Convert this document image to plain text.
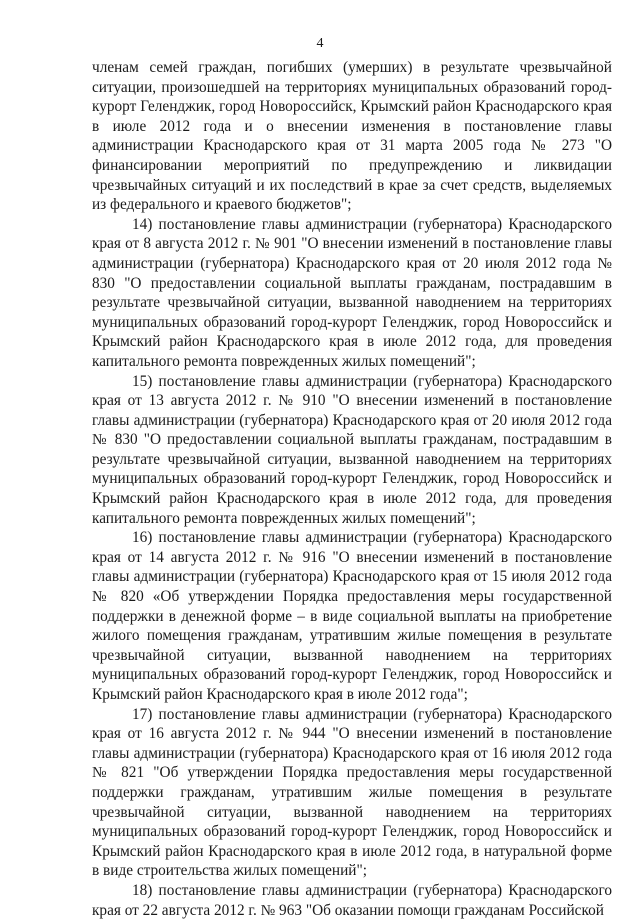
4

членам семей граждан, погибших (умерших) в результате чрезвычайной ситуации, произошедшей на территориях муниципальных образований город-курорт Геленджик, город Новороссийск, Крымский район Краснодарского края в июле 2012 года и о внесении изменения в постановление главы администрации Краснодарского края от 31 марта 2005 года № 273 "О финансировании мероприятий по предупреждению и ликвидации чрезвычайных ситуаций и их последствий в крае за счет средств, выделяемых из федерального и краевого бюджетов";

14) постановление главы администрации (губернатора) Краснодарского края от 8 августа 2012 г. № 901 "О внесении изменений в постановление главы администрации (губернатора) Краснодарского края от 20 июля 2012 года № 830 "О предоставлении социальной выплаты гражданам, пострадавшим в результате чрезвычайной ситуации, вызванной наводнением на территориях муниципальных образований город-курорт Геленджик, город Новороссийск и Крымский район Краснодарского края в июле 2012 года, для проведения капитального ремонта поврежденных жилых помещений";

15) постановление главы администрации (губернатора) Краснодарского края от 13 августа 2012 г. № 910 "О внесении изменений в постановление главы администрации (губернатора) Краснодарского края от 20 июля 2012 года № 830 "О предоставлении социальной выплаты гражданам, пострадавшим в результате чрезвычайной ситуации, вызванной наводнением на территориях муниципальных образований город-курорт Геленджик, город Новороссийск и Крымский район Краснодарского края в июле 2012 года, для проведения капитального ремонта поврежденных жилых помещений";

16) постановление главы администрации (губернатора) Краснодарского края от 14 августа 2012 г. № 916 "О внесении изменений в постановление главы администрации (губернатора) Краснодарского края от 15 июля 2012 года № 820 «Об утверждении Порядка предоставления меры государственной поддержки в денежной форме – в виде социальной выплаты на приобретение жилого помещения гражданам, утратившим жилые помещения в результате чрезвычайной ситуации, вызванной наводнением на территориях муниципальных образований город-курорт Геленджик, город Новороссийск и Крымский район Краснодарского края в июле 2012 года";

17) постановление главы администрации (губернатора) Краснодарского края от 16 августа 2012 г. № 944 "О внесении изменений в постановление главы администрации (губернатора) Краснодарского края от 16 июля 2012 года № 821 "Об утверждении Порядка предоставления меры государственной поддержки гражданам, утратившим жилые помещения в результате чрезвычайной ситуации, вызванной наводнением на территориях муниципальных образований город-курорт Геленджик, город Новороссийск и Крымский район Краснодарского края в июле 2012 года, в натуральной форме в виде строительства жилых помещений";

18) постановление главы администрации (губернатора) Краснодарского края от 22 августа 2012 г. № 963 "Об оказании помощи гражданам Российской
